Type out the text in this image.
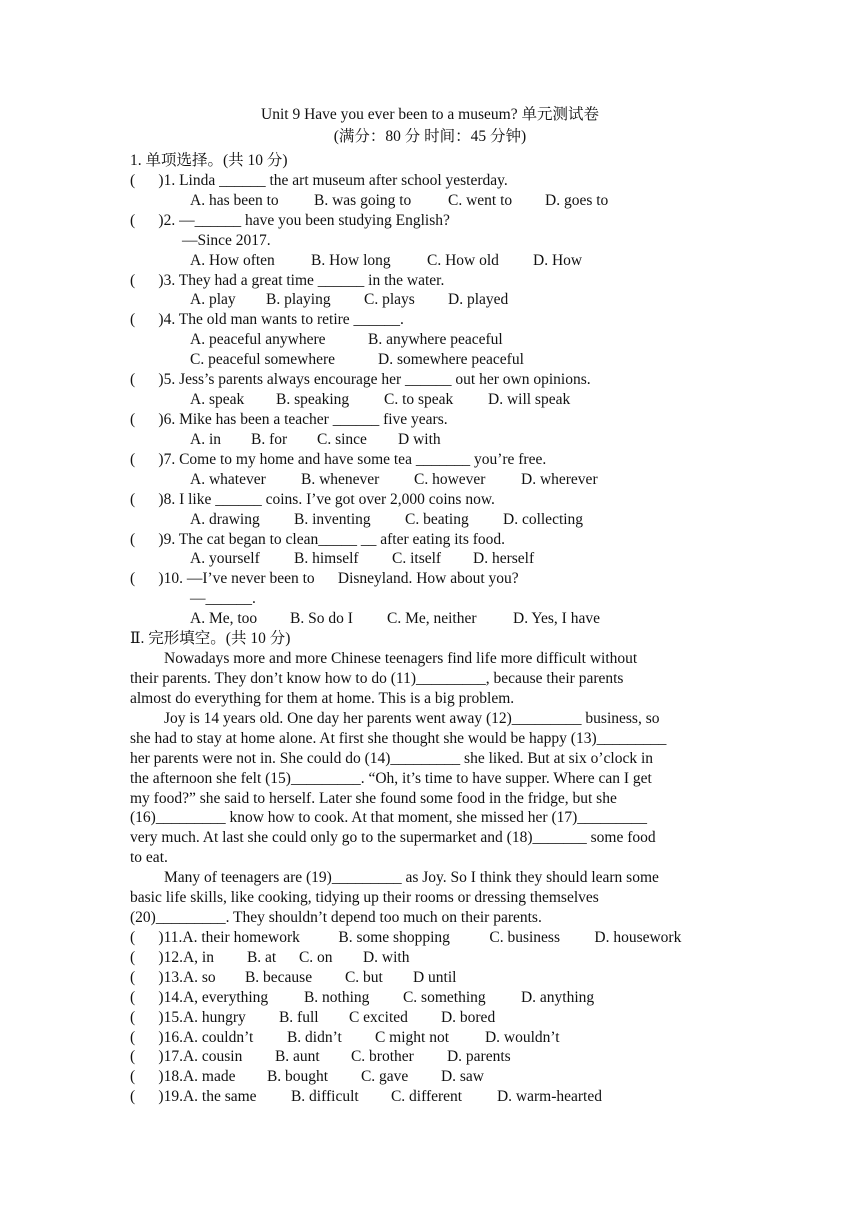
Unit 9 Have you ever been to a museum? 单元测试卷
(满分：80 分 时间：45 分钟)
1. 单项选择。(共 10 分)
(      )1. Linda ______ the art museum after school yesterday.
A. has been to B. was going to C. went to D. goes to
(      )2. —______ have you been studying English?
—Since 2017.
A. How often B. How long C. How old D. How
(      )3. They had a great time ______ in the water.
A. play B. playing C. plays D. played
(      )4. The old man wants to retire ______.
A. peaceful anywhere	B. anywhere peaceful
C. peaceful somewhere	D. somewhere peaceful
(      )5. Jess’s parents always encourage her ______ out her own opinions.
A. speak B. speaking C. to speak D. will speak
(      )6. Mike has been a teacher ______ five years.
A. in B. for C. since D with
(      )7. Come to my home and have some tea _______ you’re free.
A. whatever B. whenever C. however D. wherever
(      )8. I like ______ coins. I’ve got over 2,000 coins now.
A. drawing B. inventing C. beating D. collecting
(      )9. The cat began to clean_____ __ after eating its food.
A. yourself B. himself C. itself D. herself
(      )10. —I’ve never been to      Disneyland. How about you?
—______.
A. Me, too B. So do I C. Me, neither D. Yes, I have
Ⅱ. 完形填空。(共 10 分)
Nowadays more and more Chinese teenagers find life more difficult without
their parents. They don’t know how to do (11)_________, because their parents
almost do everything for them at home. This is a big problem.
Joy is 14 years old. One day her parents went away (12)_________ business, so
she had to stay at home alone. At first she thought she would be happy (13)_________
her parents were not in. She could do (14)_________ she liked. But at six o’clock in
the afternoon she felt (15)_________. “Oh, it’s time to have supper. Where can I get
my food?” she said to herself. Later she found some food in the fridge, but she
(16)_________ know how to cook. At that moment, she missed her (17)_________
very much. At last she could only go to the supermarket and (18)_______ some food
to eat.
Many of teenagers are (19)_________ as Joy. So I think they should learn some
basic life skills, like cooking, tidying up their rooms or dressing themselves
(20)_________. They shouldn’t depend too much on their parents.
(      )11.A. their homework B. some shopping	C. business D. housework
(      )12.A, in B. at C. on D. with
(      )13.A. so B. because C. but D until
(      )14.A, everything B. nothing C. something D. anything
(      )15.A. hungry B. full C excited D. bored
(      )16.A. couldn’t B. didn’t C might not D. wouldn’t
(      )17.A. cousin B. aunt C. brother D. parents
(      )18.A. made B. bought C. gave D. saw
(      )19.A. the same B. difficult C. different D. warm-hearted
